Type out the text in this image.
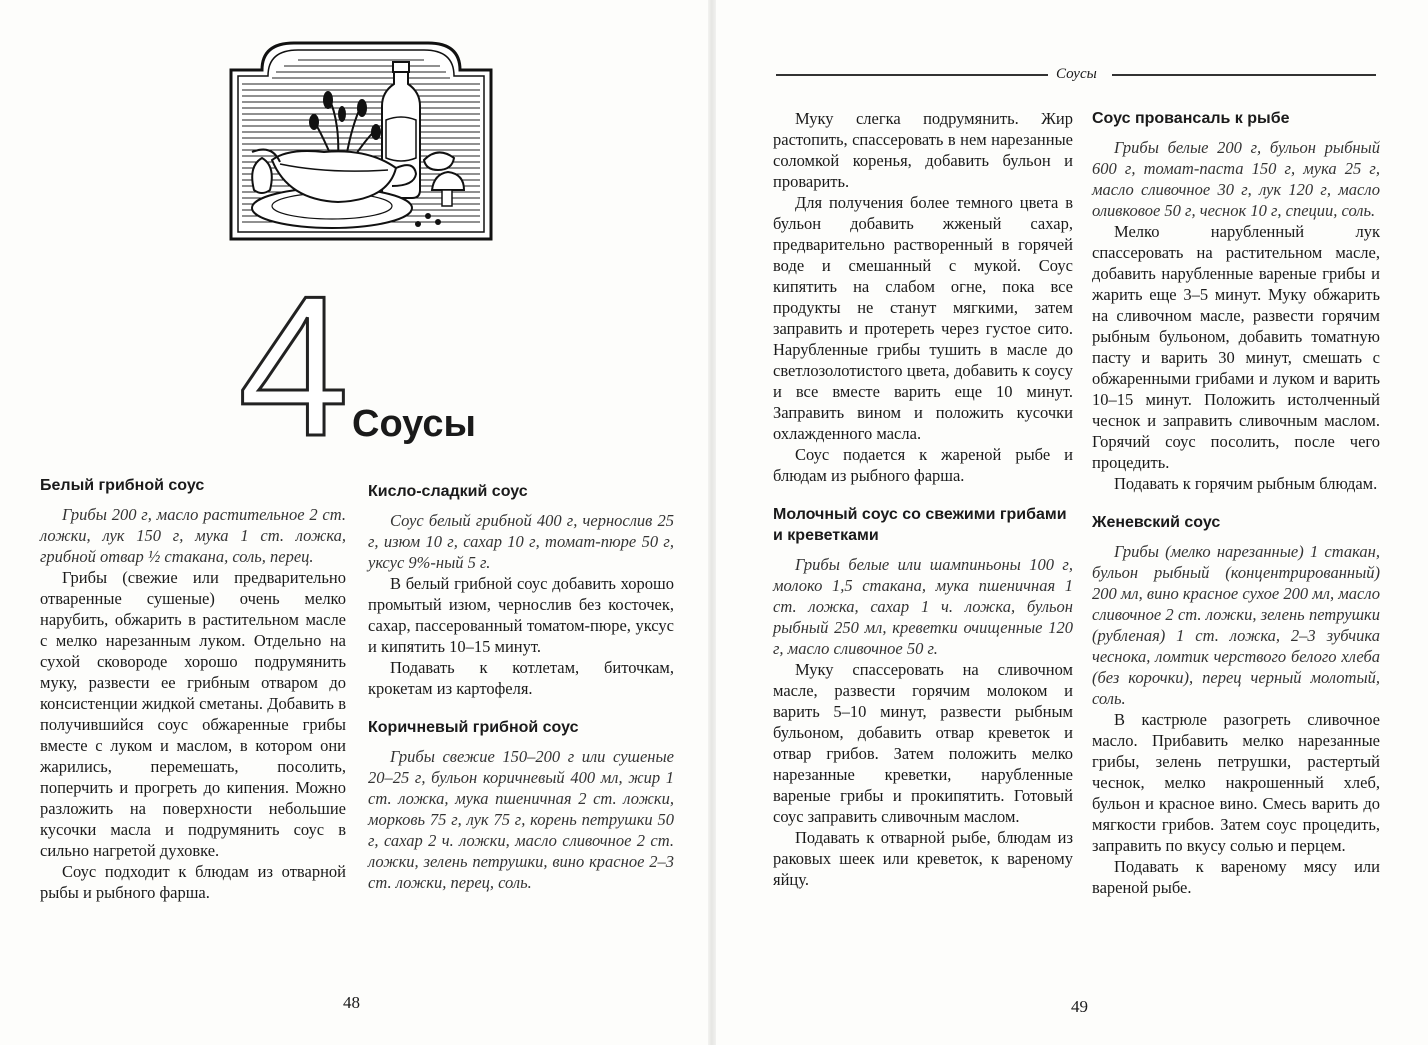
4 Соусы

Белый грибной соус

Грибы 200 г, масло растительное 2 ст. ложки, лук 150 г, мука 1 ст. ложка, грибной отвар ½ стакана, соль, перец.

Грибы (свежие или предварительно отваренные сушеные) очень мелко нарубить, обжарить в растительном масле с мелко нарезанным луком. Отдельно на сухой сковороде хорошо подрумянить муку, развести ее грибным отваром до консистенции жидкой сметаны. Добавить в получившийся соус обжаренные грибы вместе с луком и маслом, в котором они жарились, перемешать, посолить, поперчить и прогреть до кипения. Можно разложить на поверхности небольшие кусочки масла и подрумянить соус в сильно нагретой духовке.

Соус подходит к блюдам из отварной рыбы и рыбного фарша.

Кисло-сладкий соус

Соус белый грибной 400 г, чернослив 25 г, изюм 10 г, сахар 10 г, томат-пюре 50 г, уксус 9%-ный 5 г.

В белый грибной соус добавить хорошо промытый изюм, чернослив без косточек, сахар, пассерованный томатом-пюре, уксус и кипятить 10–15 минут.

Подавать к котлетам, биточкам, крокетам из картофеля.

Коричневый грибной соус

Грибы свежие 150–200 г или сушеные 20–25 г, бульон коричневый 400 мл, жир 1 ст. ложка, мука пшеничная 2 ст. ложки, морковь 75 г, лук 75 г, корень петрушки 50 г, сахар 2 ч. ложки, масло сливочное 2 ст. ложки, зелень петрушки, вино красное 2–3 ст. ложки, перец, соль.

48
Соусы

Муку слегка подрумянить. Жир растопить, спассеровать в нем нарезанные соломкой коренья, добавить бульон и проварить.

Для получения более темного цвета в бульон добавить жженый сахар, предварительно растворенный в горячей воде и смешанный с мукой. Соус кипятить на слабом огне, пока все продукты не станут мягкими, затем заправить и протереть через густое сито. Нарубленные грибы тушить в масле до светлозолотистого цвета, добавить к соусу и все вместе варить еще 10 минут. Заправить вином и положить кусочки охлажденного масла.

Соус подается к жареной рыбе и блюдам из рыбного фарша.

Молочный соус со свежими грибами и креветками

Грибы белые или шампиньоны 100 г, молоко 1,5 стакана, мука пшеничная 1 ст. ложка, сахар 1 ч. ложка, бульон рыбный 250 мл, креветки очищенные 120 г, масло сливочное 50 г.

Муку спассеровать на сливочном масле, развести горячим молоком и варить 5–10 минут, развести рыбным бульоном, добавить отвар креветок и отвар грибов. Затем положить мелко нарезанные креветки, нарубленные вареные грибы и прокипятить. Готовый соус заправить сливочным маслом.

Подавать к отварной рыбе, блюдам из раковых шеек или креветок, к вареному яйцу.

Соус провансаль к рыбе

Грибы белые 200 г, бульон рыбный 600 г, томат-паста 150 г, мука 25 г, масло сливочное 30 г, лук 120 г, масло оливковое 50 г, чеснок 10 г, специи, соль.

Мелко нарубленный лук спассеровать на растительном масле, добавить нарубленные вареные грибы и жарить еще 3–5 минут. Муку обжарить на сливочном масле, развести горячим рыбным бульоном, добавить томатную пасту и варить 30 минут, смешать с обжаренными грибами и луком и варить 10–15 минут. Положить истолченный чеснок и заправить сливочным маслом. Горячий соус посолить, после чего процедить.

Подавать к горячим рыбным блюдам.

Женевский соус

Грибы (мелко нарезанные) 1 стакан, бульон рыбный (концентрированный) 200 мл, вино красное сухое 200 мл, масло сливочное 2 ст. ложки, зелень петрушки (рубленая) 1 ст. ложка, 2–3 зубчика чеснока, ломтик черствого белого хлеба (без корочки), перец черный молотый, соль.

В кастрюле разогреть сливочное масло. Прибавить мелко нарезанные грибы, зелень петрушки, растертый чеснок, мелко накрошенный хлеб, бульон и красное вино. Смесь варить до мягкости грибов. Затем соус процедить, заправить по вкусу солью и перцем.

Подавать к вареному мясу или вареной рыбе.

49
